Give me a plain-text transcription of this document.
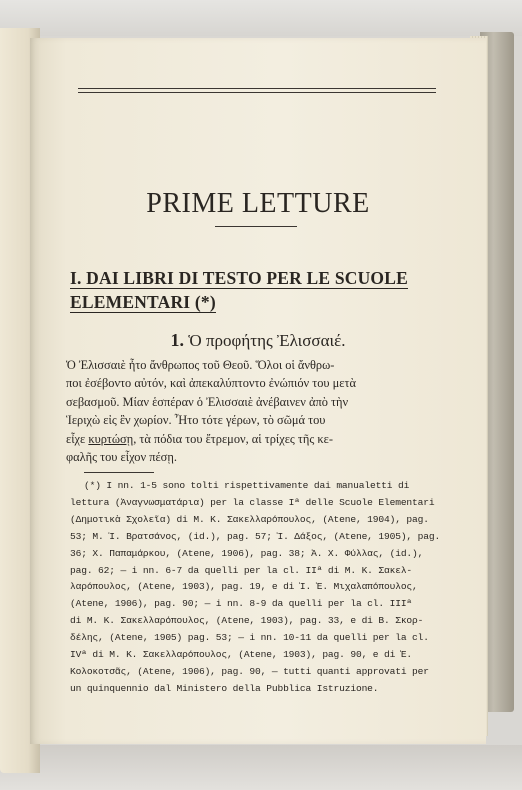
PRIME LETTURE
I. DAI LIBRI DI TESTO PER LE SCUOLE
ELEMENTARI (*)
1. Ὁ προφήτης Ἐλισσαιέ.
Ὁ Ἐλισσαιὲ ἦτο ἄνθρωπος τοῦ Θεοῦ. Ὅλοι οἱ ἄνθρω-
ποι ἐσέβοντο αὐτόν, καὶ ἀπεκαλύπτοντο ἐνώπιόν του μετὰ
σεβασμοῦ. Μίαν ἑσπέραν ὁ Ἐλισσαιὲ ἀνέβαινεν ἀπὸ τὴν
Ἱεριχὼ εἰς ἓν χωρίον. Ἦτο τότε γέρων, τὸ σῶμά του
εἶχε κυρτώσῃ, τὰ πόδια του ἔτρεμον, αἱ τρίχες τῆς κε-
φαλῆς του εἶχον πέσῃ.
(*) I nn. 1-5 sono tolti rispettivamente dai manualetti di
lettura (Ἀναγνωσματάρια) per la classe Iª delle Scuole Elementari
(Δημοτικὰ Σχολεῖα) di M. K. Σακελλαρόπουλος, (Atene, 1904), pag.
53; M. Ἰ. Βρατσάνος, (id.), pag. 57; Ἰ. Δάξος, (Atene, 1905), pag.
36; X. Παπαμάρκου, (Atene, 1906), pag. 38; Ἀ. X. Φύλλας, (id.),
pag. 62; — i nn. 6-7 da quelli per la cl. IIª di M. K. Σακελ-
λαρόπουλος, (Atene, 1903), pag. 19, e di Ἰ. Ἐ. Μιχαλαπόπουλος,
(Atene, 1906), pag. 90; — i nn. 8-9 da quelli per la cl. IIIª
di M. K. Σακελλαρόπουλος, (Atene, 1903), pag. 33, e di B. Σκορ-
δέλης, (Atene, 1905) pag. 53; — i nn. 10-11 da quelli per la cl.
IVª di M. K. Σακελλαρόπουλος, (Atene, 1903), pag. 90, e di Ἐ.
Κολοκοτσᾶς, (Atene, 1906), pag. 90, — tutti quanti approvati per
un quinquennio dal Ministero della Pubblica Istruzione.
